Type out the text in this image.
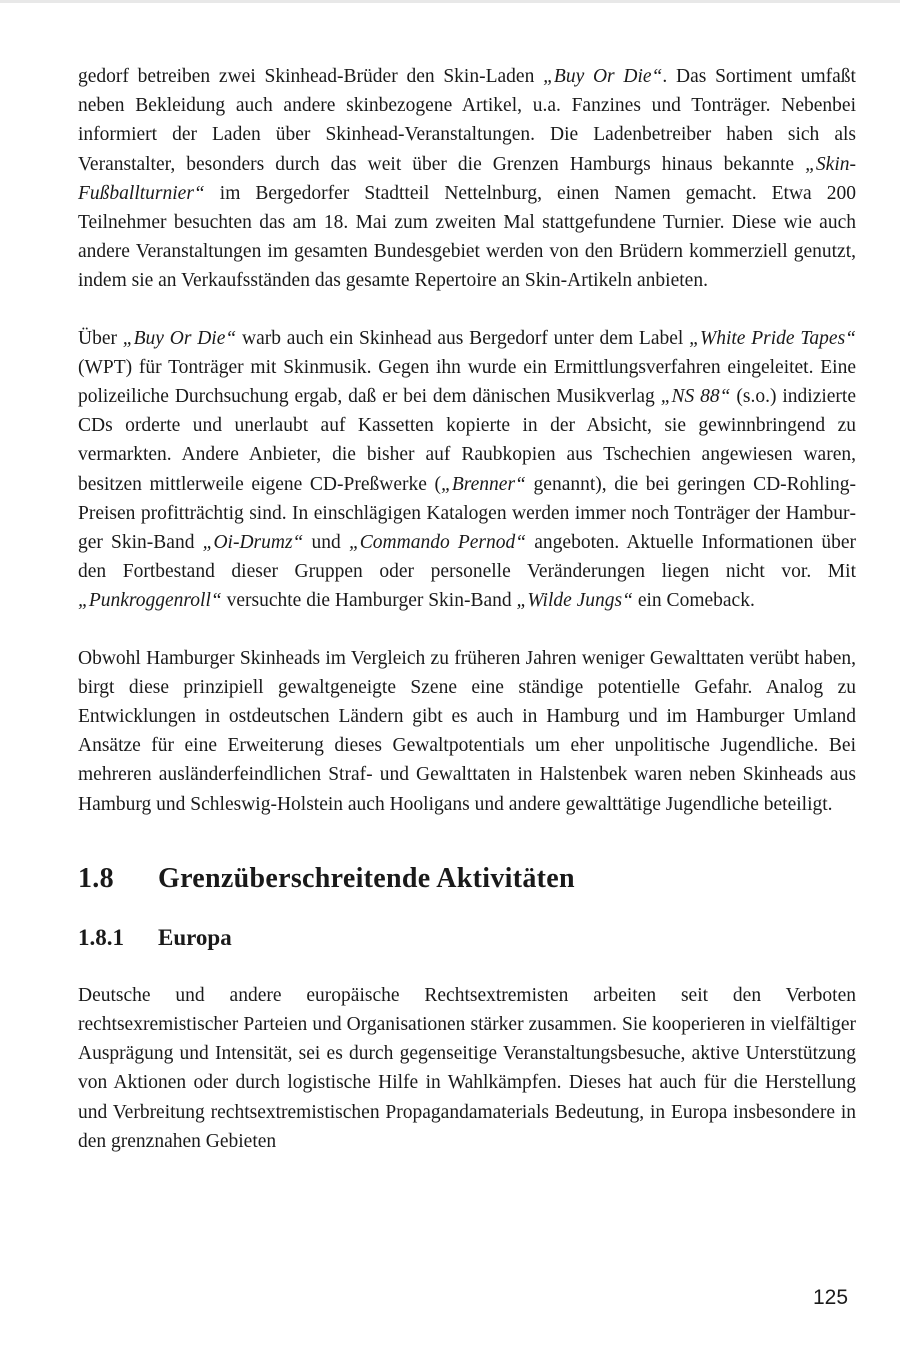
gedorf betreiben zwei Skinhead-Brüder den Skin-Laden „Buy Or Die“. Das Sortiment umfaßt neben Bekleidung auch andere skinbezogene Artikel, u.a. Fanzines und Tonträger. Nebenbei informiert der Laden über Skinhead-Veranstaltungen. Die Ladenbetreiber haben sich als Veranstalter, besonders durch das weit über die Grenzen Hamburgs hinaus bekannte „Skin-Fußballturnier“ im Bergedorfer Stadtteil Nettelnburg, einen Namen gemacht. Etwa 200 Teilnehmer besuchten das am 18. Mai zum zweiten Mal stattgefundene Turnier. Diese wie auch andere Veranstaltungen im gesamten Bundesgebiet werden von den Brüdern kommerziell genutzt, indem sie an Verkaufsständen das gesamte Repertoire an Skin-Artikeln anbieten.

Über „Buy Or Die“ warb auch ein Skinhead aus Bergedorf unter dem Label „White Pride Tapes“ (WPT) für Tonträger mit Skinmusik. Gegen ihn wurde ein Ermittlungsverfahren eingeleitet. Eine polizeiliche Durchsuchung ergab, daß er bei dem dänischen Musikverlag „NS 88“ (s.o.) indizierte CDs orderte und unerlaubt auf Kassetten kopierte in der Absicht, sie gewinnbringend zu vermarkten. Andere Anbieter, die bisher auf Raubkopien aus Tschechien angewiesen waren, besitzen mittlerweile eigene CD-Preßwerke („Brenner“ genannt), die bei geringen CD-Rohling-Preisen profitträchtig sind. In einschlägigen Katalogen werden immer noch Tonträger der Hamburger Skin-Band „Oi-Drumz“ und „Commando Pernod“ angeboten. Aktuelle Informationen über den Fortbestand dieser Gruppen oder personelle Veränderungen liegen nicht vor. Mit „Punkroggenroll“ versuchte die Hamburger Skin-Band „Wilde Jungs“ ein Comeback.

Obwohl Hamburger Skinheads im Vergleich zu früheren Jahren weniger Gewalttaten verübt haben, birgt diese prinzipiell gewaltgeneigte Szene eine ständige potentielle Gefahr. Analog zu Entwicklungen in ostdeutschen Ländern gibt es auch in Hamburg und im Hamburger Umland Ansätze für eine Erweiterung dieses Gewaltpotentials um eher unpolitische Jugendliche. Bei mehreren ausländerfeindlichen Straf- und Gewalttaten in Halstenbek waren neben Skinheads aus Hamburg und Schleswig-Holstein auch Hooligans und andere gewalttätige Jugendliche beteiligt.

1.8 Grenzüberschreitende Aktivitäten
1.8.1 Europa

Deutsche und andere europäische Rechtsextremisten arbeiten seit den Verboten rechtsexremistischer Parteien und Organisationen stärker zusammen. Sie kooperieren in vielfältiger Ausprägung und Intensität, sei es durch gegenseitige Veranstaltungsbesuche, aktive Unterstützung von Aktionen oder durch logistische Hilfe in Wahlkämpfen. Dieses hat auch für die Herstellung und Verbreitung rechtsextremistischen Propagandamaterials Bedeutung, in Europa insbesondere in den grenznahen Gebieten

125
